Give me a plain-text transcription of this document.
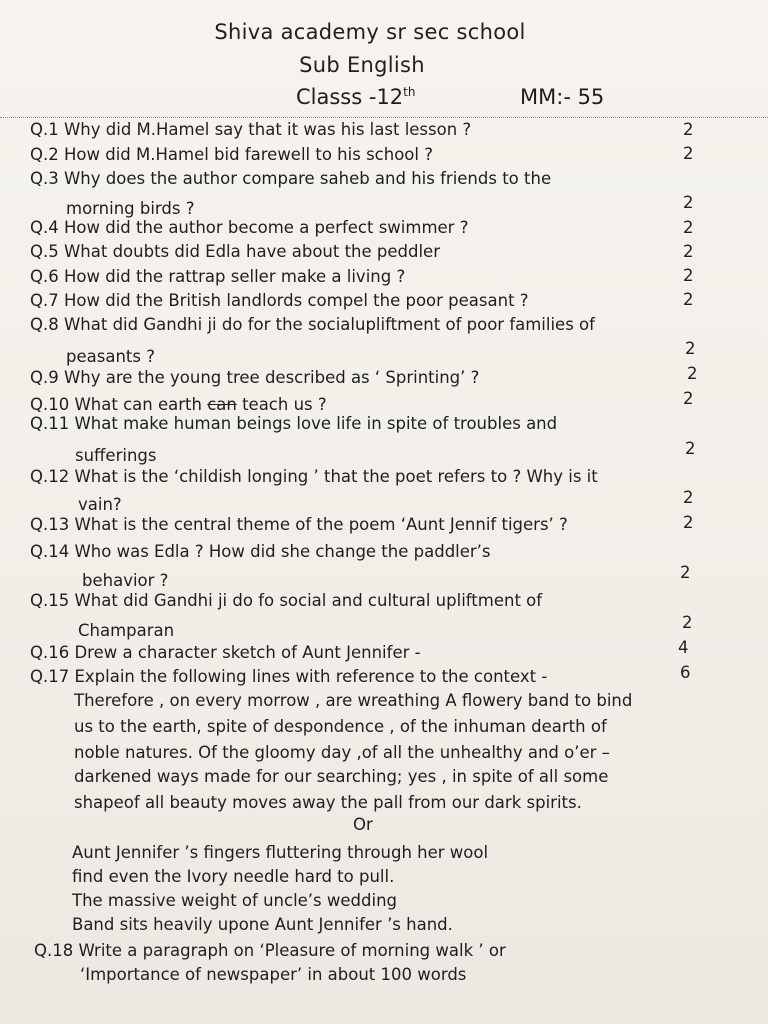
Shiva academy sr sec school
Sub English
Classs -12th	MM:- 55
Q.1 Why did M.Hamel say that it was his last lesson ?	2
Q.2 How did M.Hamel bid farewell to his school ?	2
Q.3 Why does the author compare saheb and his friends to the
morning birds ?	2
Q.4 How did the author become a perfect swimmer ?	2
Q.5 What doubts did Edla have about the peddler	2
Q.6 How did the rattrap seller make a living ?	2
Q.7 How did the British landlords compel the poor peasant ?	2
Q.8 What did Gandhi ji do for the socialupliftment of poor families of
peasants ?	2
Q.9 Why are the young tree described as ‘ Sprinting’ ?	2
Q.10 What can earth can teach us ?	2
Q.11 What make human beings love life in spite of troubles and
sufferings	2
Q.12 What is the ‘childish longing ’ that the poet refers to ? Why is it
vain?	2
Q.13 What is the central theme of the poem ‘Aunt Jennif tigers’ ?	2
Q.14 Who was Edla ? How did she change the paddler’s
behavior ?	2
Q.15 What did Gandhi ji do fo social and cultural upliftment of
Champaran	2
Q.16 Drew a character sketch of Aunt Jennifer -	4
Q.17 Explain the following lines with reference to the context -	6
Therefore , on every morrow , are wreathing A flowery band to bind
us to the earth, spite of despondence , of the inhuman dearth of
noble natures. Of the gloomy day ,of all the unhealthy and o’er –
darkened ways made for our searching; yes , in spite of all some
shapeof all beauty moves away the pall from our dark spirits.
Or
Aunt Jennifer ’s fingers fluttering through her wool
find even the Ivory needle hard to pull.
The massive weight of uncle’s wedding
Band sits heavily upone Aunt Jennifer ’s hand.
Q.18 Write a paragraph on ‘Pleasure of morning walk ’ or
‘Importance of newspaper’ in about 100 words
